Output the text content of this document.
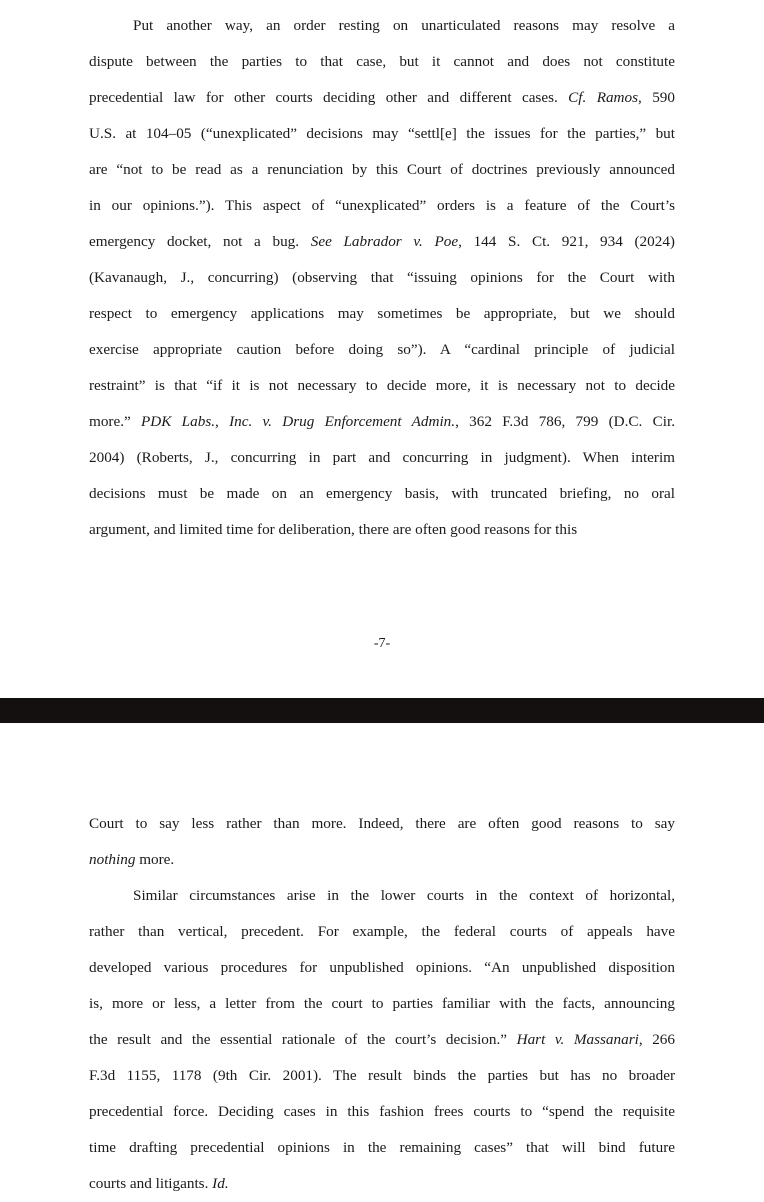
Put another way, an order resting on unarticulated reasons may resolve a
dispute between the parties to that case, but it cannot and does not constitute
precedential law for other courts deciding other and different cases. Cf. Ramos, 590
U.S. at 104–05 (“unexplicated” decisions may “settl[e] the issues for the parties,” but
are “not to be read as a renunciation by this Court of doctrines previously announced
in our opinions.”). This aspect of “unexplicated” orders is a feature of the Court’s
emergency docket, not a bug. See Labrador v. Poe, 144 S. Ct. 921, 934 (2024)
(Kavanaugh, J., concurring) (observing that “issuing opinions for the Court with
respect to emergency applications may sometimes be appropriate, but we should
exercise appropriate caution before doing so”). A “cardinal principle of judicial
restraint” is that “if it is not necessary to decide more, it is necessary not to decide
more.” PDK Labs., Inc. v. Drug Enforcement Admin., 362 F.3d 786, 799 (D.C. Cir.
2004) (Roberts, J., concurring in part and concurring in judgment). When interim
decisions must be made on an emergency basis, with truncated briefing, no oral
argument, and limited time for deliberation, there are often good reasons for this
-7-
Court to say less rather than more. Indeed, there are often good reasons to say
nothing more.
Similar circumstances arise in the lower courts in the context of horizontal,
rather than vertical, precedent. For example, the federal courts of appeals have
developed various procedures for unpublished opinions. “An unpublished disposition
is, more or less, a letter from the court to parties familiar with the facts, announcing
the result and the essential rationale of the court’s decision.” Hart v. Massanari, 266
F.3d 1155, 1178 (9th Cir. 2001). The result binds the parties but has no broader
precedential force. Deciding cases in this fashion frees courts to “spend the requisite
time drafting precedential opinions in the remaining cases” that will bind future
courts and litigants. Id.
